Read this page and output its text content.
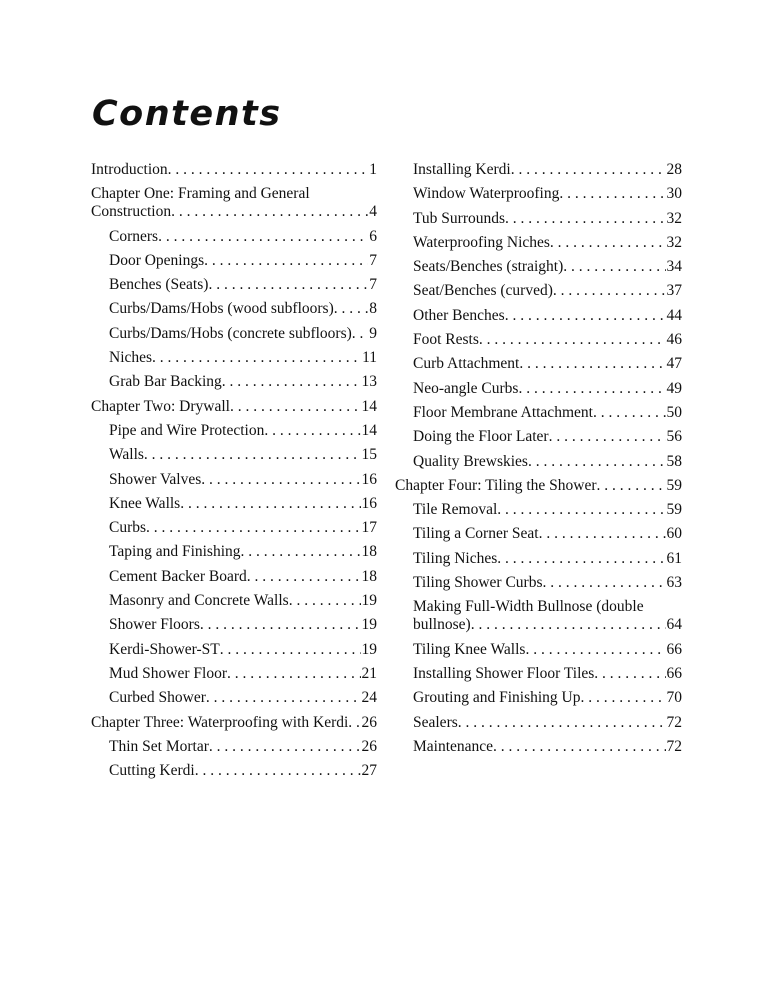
Contents
Introduction . . .	1
Chapter One: Framing and General
Construction . . .	4
Corners . . .	6
Door Openings . . .	7
Benches (Seats) . . .	7
Curbs/Dams/Hobs (wood subfloors) . . . 8
Curbs/Dams/Hobs (concrete subfloors) . . . 9
Niches . . .	11
Grab Bar Backing . . .	13
Chapter Two: Drywall . . .	14
Pipe and Wire Protection . . .	14
Walls . . .	15
Shower Valves . . .	16
Knee Walls . . .	16
Curbs . . .	17
Taping and Finishing . . .	18
Cement Backer Board . . .	18
Masonry and Concrete Walls . . .	19
Shower Floors . . .	19
Kerdi-Shower-ST . . .	19
Mud Shower Floor . . .	21
Curbed Shower . . .	24
Chapter Three: Waterproofing with Kerdi . . . 26
Thin Set Mortar . . .	26
Cutting Kerdi . . .	27
Installing Kerdi . . .	28
Window Waterproofing . . .	30
Tub Surrounds . . .	32
Waterproofing Niches . . .	32
Seats/Benches (straight) . . .	34
Seat/Benches (curved) . . .	37
Other Benches . . .	44
Foot Rests . . .	46
Curb Attachment . . .	47
Neo-angle Curbs . . .	49
Floor Membrane Attachment . . .	50
Doing the Floor Later . . .	56
Quality Brewskies . . .	58
Chapter Four: Tiling the Shower . . .	59
Tile Removal . . .	59
Tiling a Corner Seat . . .	60
Tiling Niches . . .	61
Tiling Shower Curbs . . .	63
Making Full-Width Bullnose (double
bullnose) . . .	64
Tiling Knee Walls . . .	66
Installing Shower Floor Tiles . . .	66
Grouting and Finishing Up . . .	70
Sealers . . .	72
Maintenance . . .	72
